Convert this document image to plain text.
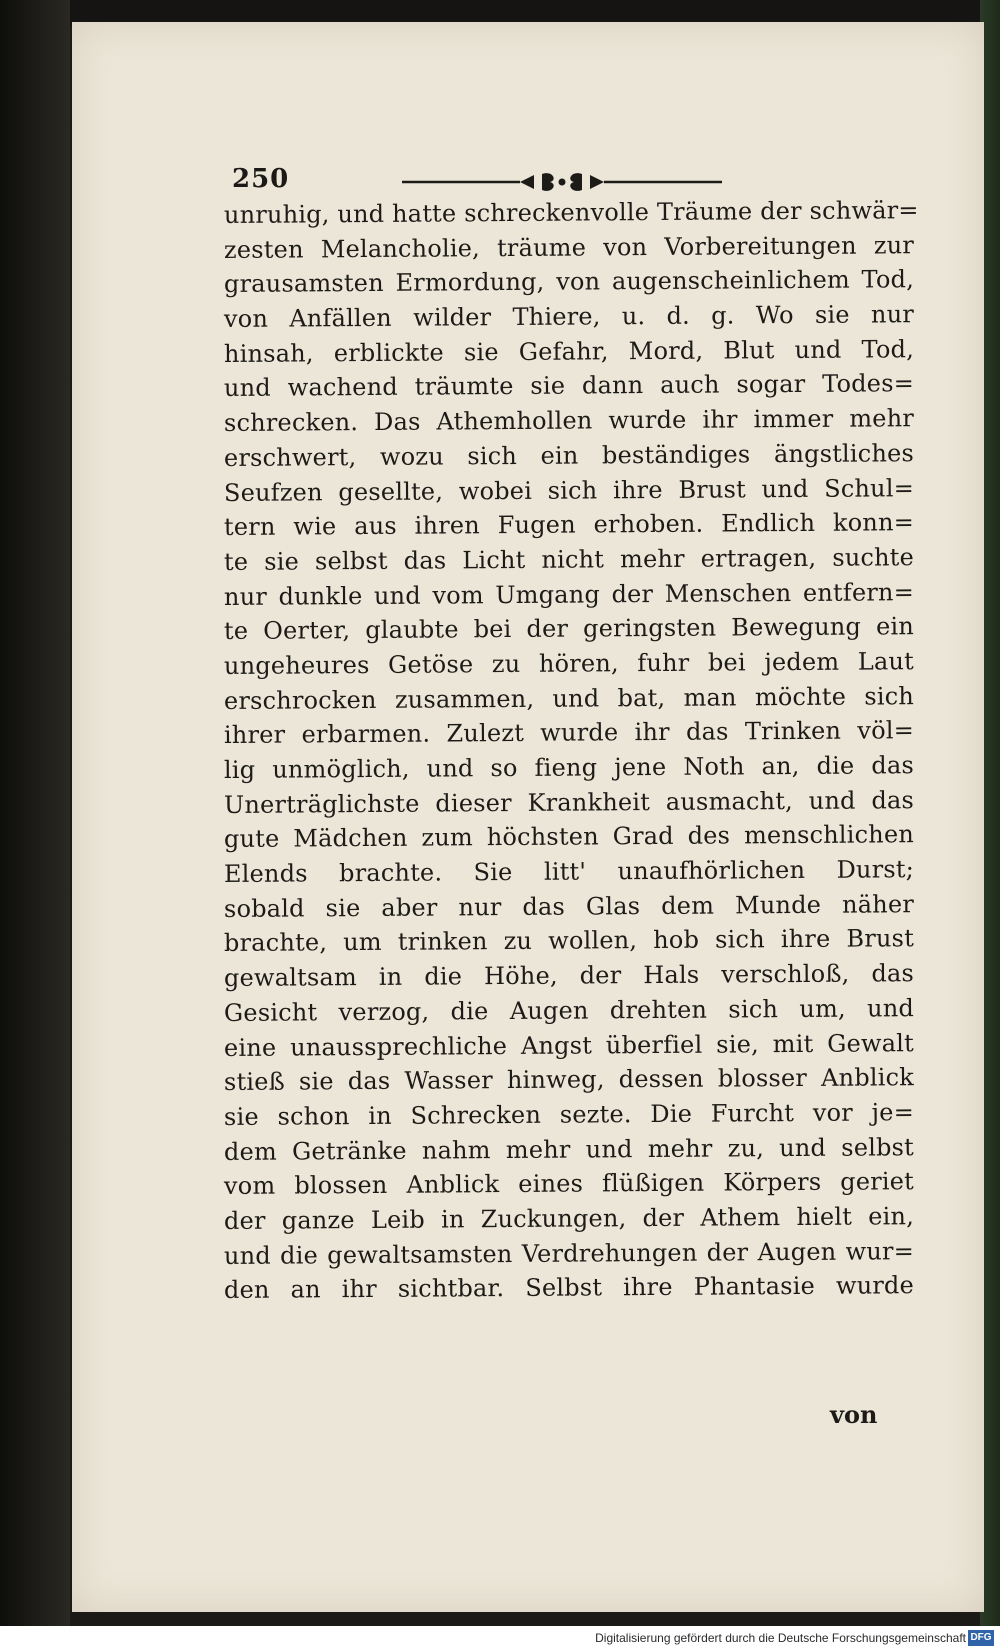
250
unruhig, und hatte schreckenvolle Träume der schwär=
zesten Melancholie, träume von Vorbereitungen zur
grausamsten Ermordung, von augenscheinlichem Tod,
von Anfällen wilder Thiere, u. d. g. Wo sie nur
hinsah, erblickte sie Gefahr, Mord, Blut und Tod,
und wachend träumte sie dann auch sogar Todes=
schrecken. Das Athemhollen wurde ihr immer mehr
erschwert, wozu sich ein beständiges ängstliches
Seufzen gesellte, wobei sich ihre Brust und Schul=
tern wie aus ihren Fugen erhoben. Endlich konn=
te sie selbst das Licht nicht mehr ertragen, suchte
nur dunkle und vom Umgang der Menschen entfern=
te Oerter, glaubte bei der geringsten Bewegung ein
ungeheures Getöse zu hören, fuhr bei jedem Laut
erschrocken zusammen, und bat, man möchte sich
ihrer erbarmen. Zulezt wurde ihr das Trinken völ=
lig unmöglich, und so fieng jene Noth an, die das
Unerträglichste dieser Krankheit ausmacht, und das
gute Mädchen zum höchsten Grad des menschlichen
Elends brachte. Sie litt' unaufhörlichen Durst;
sobald sie aber nur das Glas dem Munde näher
brachte, um trinken zu wollen, hob sich ihre Brust
gewaltsam in die Höhe, der Hals verschloß, das
Gesicht verzog, die Augen drehten sich um, und
eine unaussprechliche Angst überfiel sie, mit Gewalt
stieß sie das Wasser hinweg, dessen blosser Anblick
sie schon in Schrecken sezte. Die Furcht vor je=
dem Getränke nahm mehr und mehr zu, und selbst
vom blossen Anblick eines flüßigen Körpers geriet
der ganze Leib in Zuckungen, der Athem hielt ein,
und die gewaltsamsten Verdrehungen der Augen wur=
den an ihr sichtbar. Selbst ihre Phantasie wurde
von
Digitalisierung gefördert durch die Deutsche Forschungsgemeinschaft DFG
